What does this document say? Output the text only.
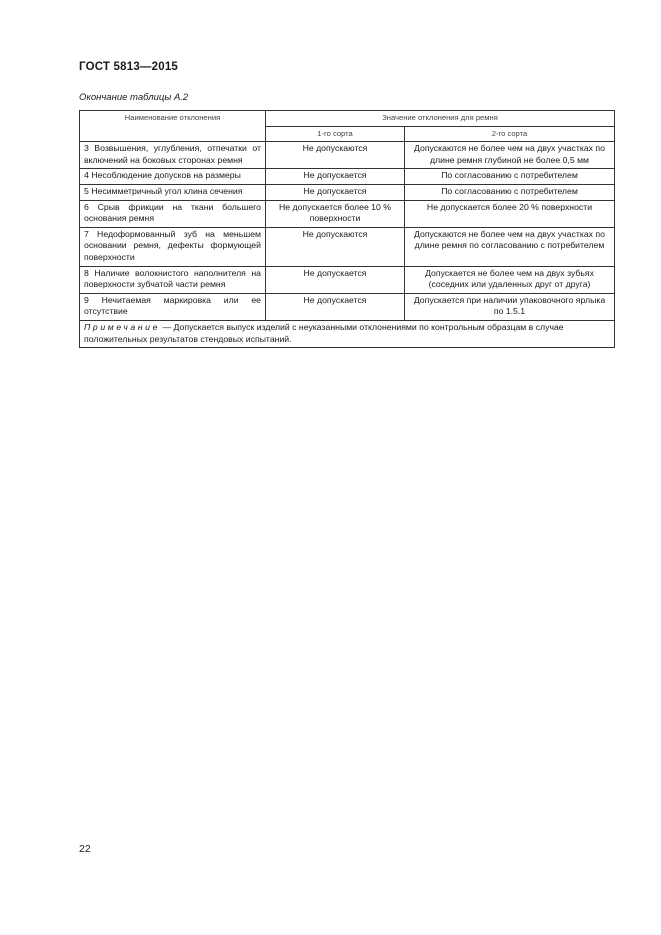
ГОСТ 5813—2015
Окончание таблицы А.2
Наименование отклонения	Значение отклонения для ремня	
	1-го сорта	2-го сорта
3 Возвышения, углубления, отпечатки от включений на боковых сторонах ремня	Не допускаются	Допускаются не более чем на двух участках по длине ремня глубиной не более 0,5 мм
4 Несоблюдение допусков на размеры	Не допускается	По согласованию с потребителем
5 Несимметричный угол клина сечения	Не допускается	По согласованию с потребителем
6 Срыв фрикции на ткани большего основания ремня	Не допускается более 10 % поверхности	Не допускается более 20 % поверхности
7 Недоформованный зуб на меньшем основании ремня, дефекты формующей поверхности	Не допускаются	Допускаются не более чем на двух участках по длине ремня по согласованию с потребителем
8 Наличие волокнистого наполнителя на поверхности зубчатой части ремня	Не допускается	Допускается не более чем на двух зубьях (соседних или удаленных друг от друга)
9 Нечитаемая маркировка или ее отсутствие	Не допускается	Допускается при наличии упаковочного ярлыка по 1.5.1
Примечание — Допускается выпуск изделий с неуказанными отклонениями по контрольным образцам в случае положительных результатов стендовых испытаний.		
22
